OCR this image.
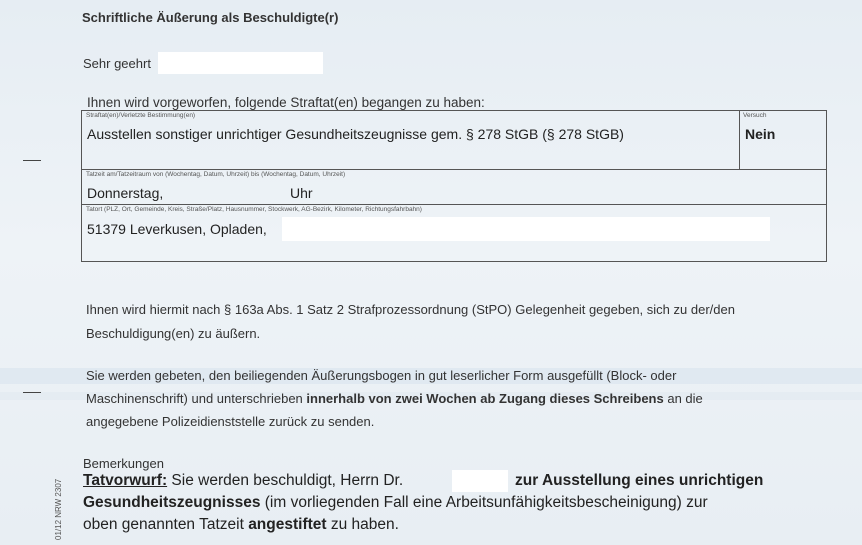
Schriftliche Äußerung als Beschuldigte(r)
Sehr geehrt
Ihnen wird vorgeworfen, folgende Straftat(en) begangen zu haben:
Straftat(en)/Verletzte Bestimmung(en)
Ausstellen sonstiger unrichtiger Gesundheitszeugnisse gem. § 278 StGB (§ 278 StGB)
Versuch
Nein
Tatzeit am/Tatzeitraum von (Wochentag, Datum, Uhrzeit) bis (Wochentag, Datum, Uhrzeit)
Donnerstag,	Uhr
Tatort (PLZ, Ort, Gemeinde, Kreis, Straße/Platz, Hausnummer, Stockwerk, AG-Bezirk, Kilometer, Richtungsfahrbahn)
51379 Leverkusen, Opladen,
Ihnen wird hiermit nach § 163a Abs. 1 Satz 2 Strafprozessordnung (StPO) Gelegenheit gegeben, sich zu der/den
Beschuldigung(en) zu äußern.
Sie werden gebeten, den beiliegenden Äußerungsbogen in gut leserlicher Form ausgefüllt (Block- oder
Maschinenschrift) und unterschrieben innerhalb von zwei Wochen ab Zugang dieses Schreibens an die
angegebene Polizeidienststelle zurück zu senden.
Bemerkungen
Tatvorwurf: Sie werden beschuldigt, Herrn Dr.	zur Ausstellung eines unrichtigen
Gesundheitszeugnisses (im vorliegenden Fall eine Arbeitsunfähigkeitsbescheinigung) zur
oben genannten Tatzeit angestiftet zu haben.
01/12 NRW 2307
